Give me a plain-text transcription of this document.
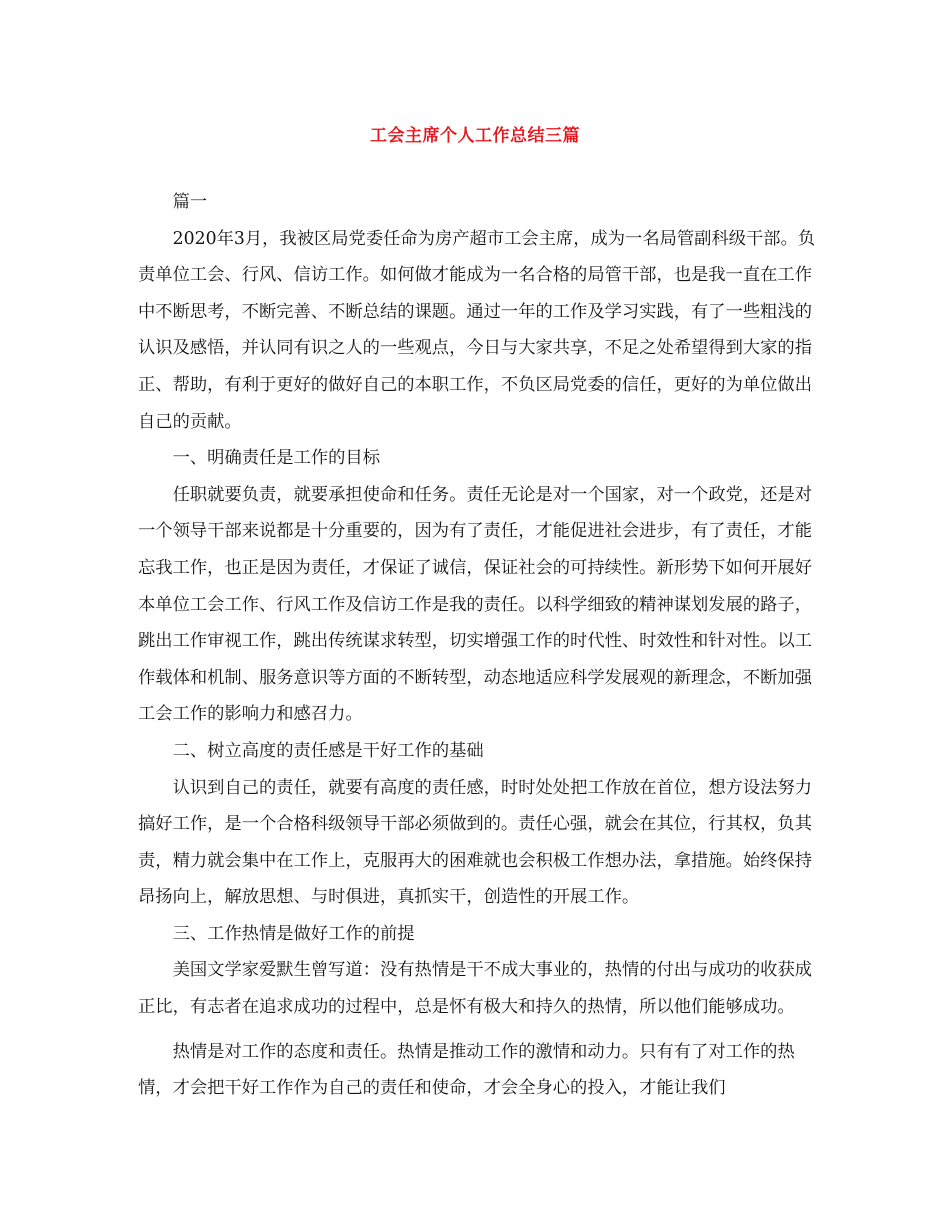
工会主席个人工作总结三篇

篇一

2020年3月，我被区局党委任命为房产超市工会主席，成为一名局管副科级干部。负责单位工会、行风、信访工作。如何做才能成为一名合格的局管干部，也是我一直在工作中不断思考，不断完善、不断总结的课题。通过一年的工作及学习实践，有了一些粗浅的认识及感悟，并认同有识之人的一些观点，今日与大家共享，不足之处希望得到大家的指正、帮助，有利于更好的做好自己的本职工作，不负区局党委的信任，更好的为单位做出自己的贡献。

一、明确责任是工作的目标

任职就要负责，就要承担使命和任务。责任无论是对一个国家，对一个政党，还是对一个领导干部来说都是十分重要的，因为有了责任，才能促进社会进步，有了责任，才能忘我工作，也正是因为责任，才保证了诚信，保证社会的可持续性。新形势下如何开展好本单位工会工作、行风工作及信访工作是我的责任。以科学细致的精神谋划发展的路子，跳出工作审视工作，跳出传统谋求转型，切实增强工作的时代性、时效性和针对性。以工作载体和机制、服务意识等方面的不断转型，动态地适应科学发展观的新理念，不断加强工会工作的影响力和感召力。

二、树立高度的责任感是干好工作的基础

认识到自己的责任，就要有高度的责任感，时时处处把工作放在首位，想方设法努力搞好工作，是一个合格科级领导干部必须做到的。责任心强，就会在其位，行其权，负其责，精力就会集中在工作上，克服再大的困难就也会积极工作想办法，拿措施。始终保持昂扬向上，解放思想、与时俱进，真抓实干，创造性的开展工作。

三、工作热情是做好工作的前提

美国文学家爱默生曾写道：没有热情是干不成大事业的，热情的付出与成功的收获成正比，有志者在追求成功的过程中，总是怀有极大和持久的热情，所以他们能够成功。

热情是对工作的态度和责任。热情是推动工作的激情和动力。只有有了对工作的热情，才会把干好工作作为自己的责任和使命，才会全身心的投入，才能让我们
